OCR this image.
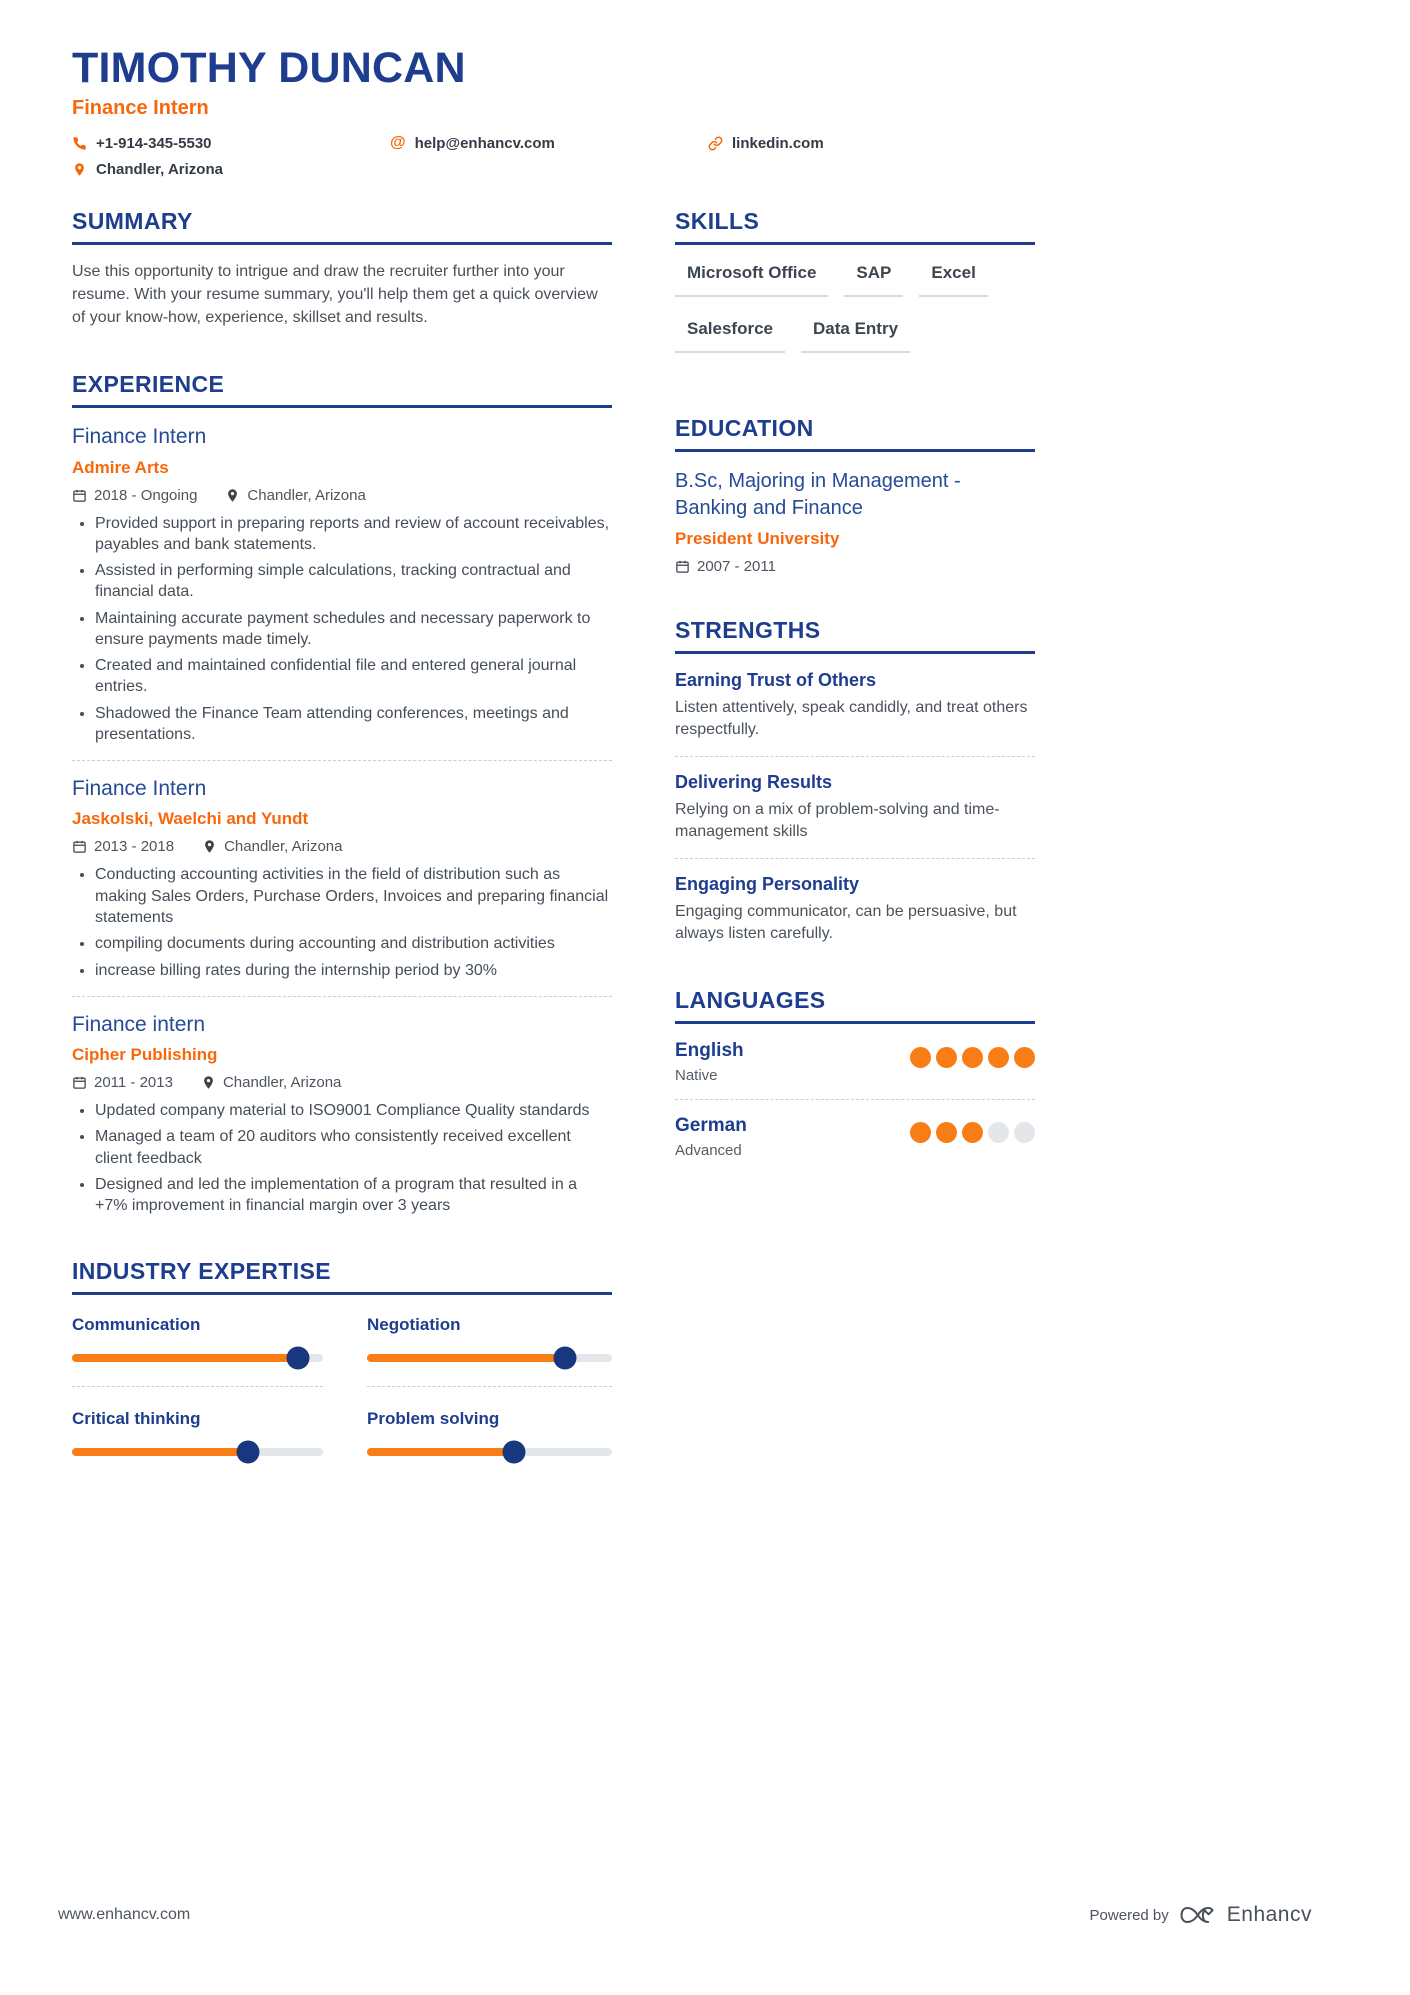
TIMOTHY DUNCAN
Finance Intern
+1-914-345-5530	@ help@enhancv.com	linkedin.com
Chandler, Arizona
SUMMARY
Use this opportunity to intrigue and draw the recruiter further into your resume. With your resume summary, you'll help them get a quick overview of your know-how, experience, skillset and results.
EXPERIENCE
Finance Intern
Admire Arts
2018 - Ongoing	Chandler, Arizona
• Provided support in preparing reports and review of account receivables, payables and bank statements.
• Assisted in performing simple calculations, tracking contractual and financial data.
• Maintaining accurate payment schedules and necessary paperwork to ensure payments made timely.
• Created and maintained confidential file and entered general journal entries.
• Shadowed the Finance Team attending conferences, meetings and presentations.
Finance Intern
Jaskolski, Waelchi and Yundt
2013 - 2018	Chandler, Arizona
• Conducting accounting activities in the field of distribution such as making Sales Orders, Purchase Orders, Invoices and preparing financial statements
• compiling documents during accounting and distribution activities
• increase billing rates during the internship period by 30%
Finance intern
Cipher Publishing
2011 - 2013	Chandler, Arizona
• Updated company material to ISO9001 Compliance Quality standards
• Managed a team of 20 auditors who consistently received excellent client feedback
• Designed and led the implementation of a program that resulted in a +7% improvement in financial margin over 3 years
INDUSTRY EXPERTISE
Communication	Negotiation
Critical thinking	Problem solving
SKILLS
Microsoft Office	SAP	Excel
Salesforce	Data Entry
EDUCATION
B.Sc, Majoring in Management - Banking and Finance
President University
2007 - 2011
STRENGTHS
Earning Trust of Others
Listen attentively, speak candidly, and treat others respectfully.
Delivering Results
Relying on a mix of problem-solving and time-management skills
Engaging Personality
Engaging communicator, can be persuasive, but always listen carefully.
LANGUAGES
English
Native
German
Advanced
www.enhancv.com	Powered by	Enhancv
